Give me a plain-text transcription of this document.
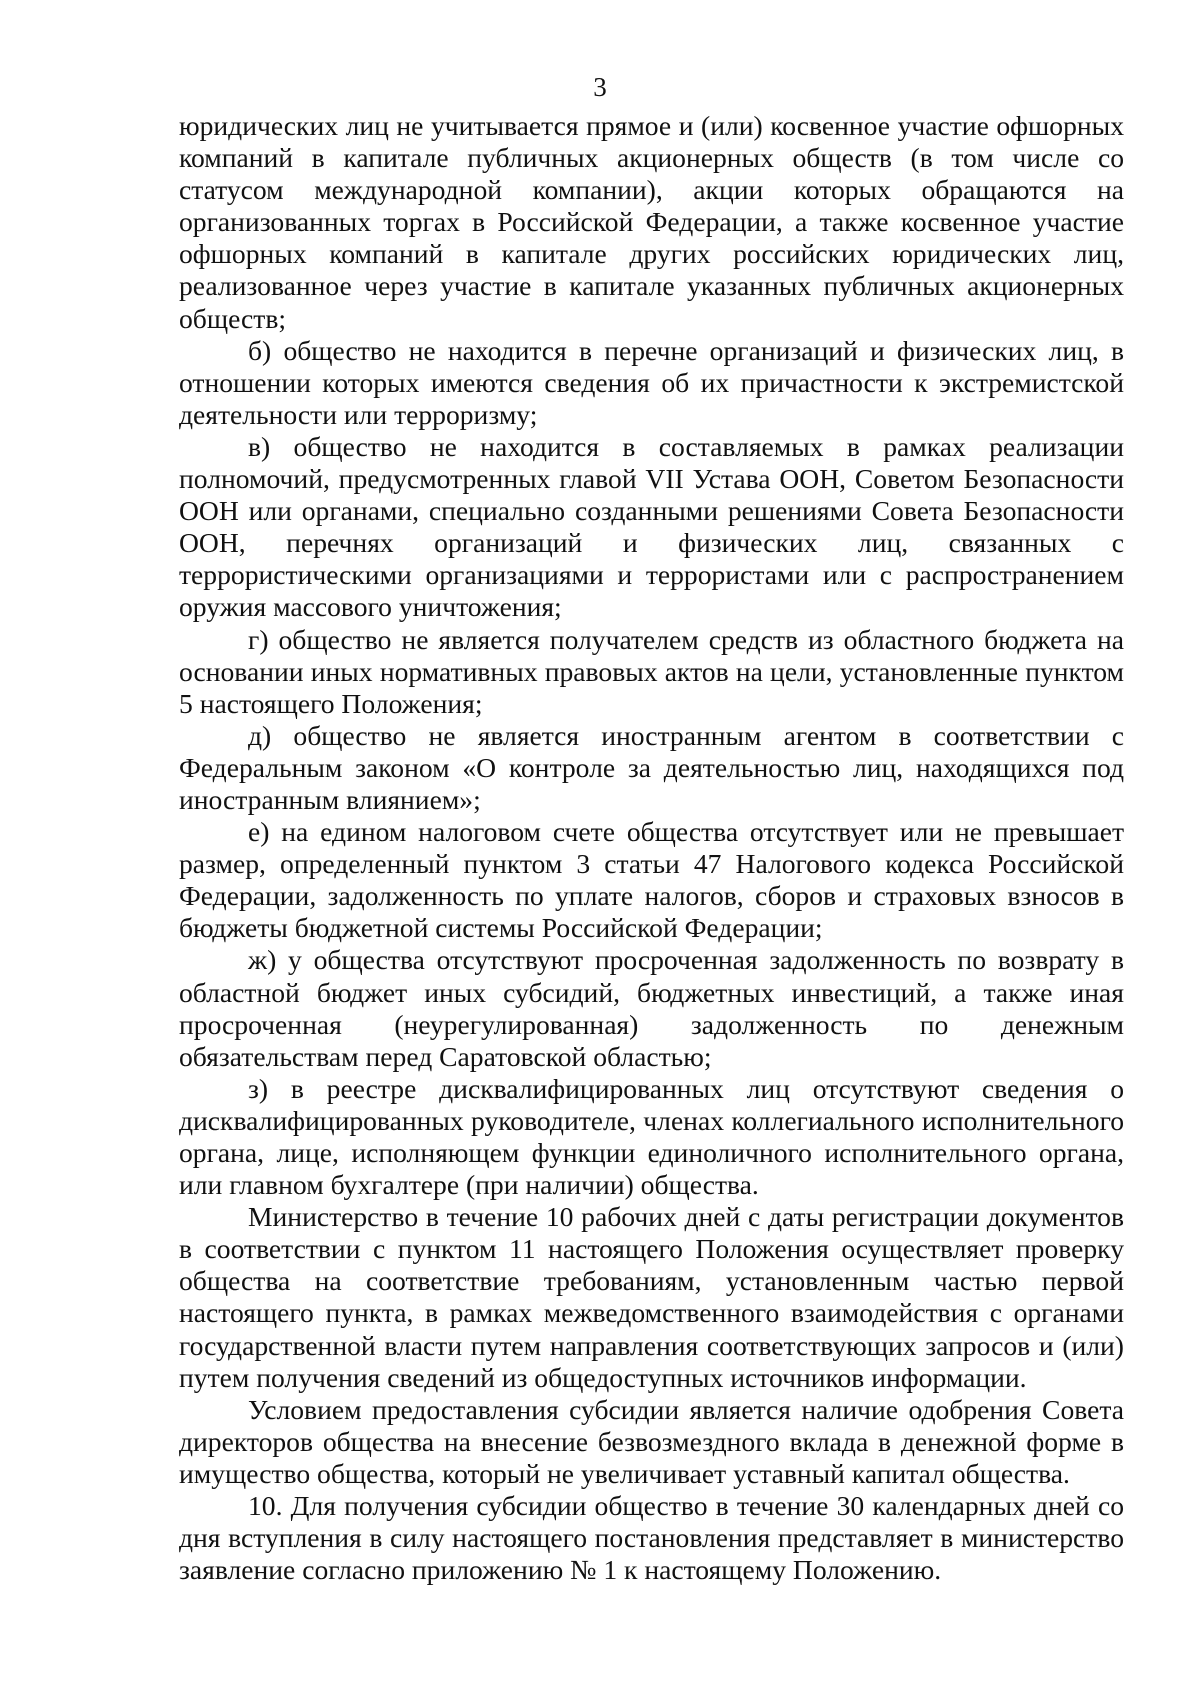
3

юридических лиц не учитывается прямое и (или) косвенное участие офшорных компаний в капитале публичных акционерных обществ (в том числе со статусом международной компании), акции которых обращаются на организованных торгах в Российской Федерации, а также косвенное участие офшорных компаний в капитале других российских юридических лиц, реализованное через участие в капитале указанных публичных акционерных обществ;

б) общество не находится в перечне организаций и физических лиц, в отношении которых имеются сведения об их причастности к экстремистской деятельности или терроризму;

в) общество не находится в составляемых в рамках реализации полномочий, предусмотренных главой VII Устава ООН, Советом Безопасности ООН или органами, специально созданными решениями Совета Безопасности ООН, перечнях организаций и физических лиц, связанных с террористическими организациями и террористами или с распространением оружия массового уничтожения;

г) общество не является получателем средств из областного бюджета на основании иных нормативных правовых актов на цели, установленные пунктом 5 настоящего Положения;

д) общество не является иностранным агентом в соответствии с Федеральным законом «О контроле за деятельностью лиц, находящихся под иностранным влиянием»;

е) на едином налоговом счете общества отсутствует или не превышает размер, определенный пунктом 3 статьи 47 Налогового кодекса Российской Федерации, задолженность по уплате налогов, сборов и страховых взносов в бюджеты бюджетной системы Российской Федерации;

ж) у общества отсутствуют просроченная задолженность по возврату в областной бюджет иных субсидий, бюджетных инвестиций, а также иная просроченная (неурегулированная) задолженность по денежным обязательствам перед Саратовской областью;

з) в реестре дисквалифицированных лиц отсутствуют сведения о дисквалифицированных руководителе, членах коллегиального исполнительного органа, лице, исполняющем функции единоличного исполнительного органа, или главном бухгалтере (при наличии) общества.

Министерство в течение 10 рабочих дней с даты регистрации документов в соответствии с пунктом 11 настоящего Положения осуществляет проверку общества на соответствие требованиям, установленным частью первой настоящего пункта, в рамках межведомственного взаимодействия с органами государственной власти путем направления соответствующих запросов и (или) путем получения сведений из общедоступных источников информации.

Условием предоставления субсидии является наличие одобрения Совета директоров общества на внесение безвозмездного вклада в денежной форме в имущество общества, который не увеличивает уставный капитал общества.

10. Для получения субсидии общество в течение 30 календарных дней со дня вступления в силу настоящего постановления представляет в министерство заявление согласно приложению № 1 к настоящему Положению.
